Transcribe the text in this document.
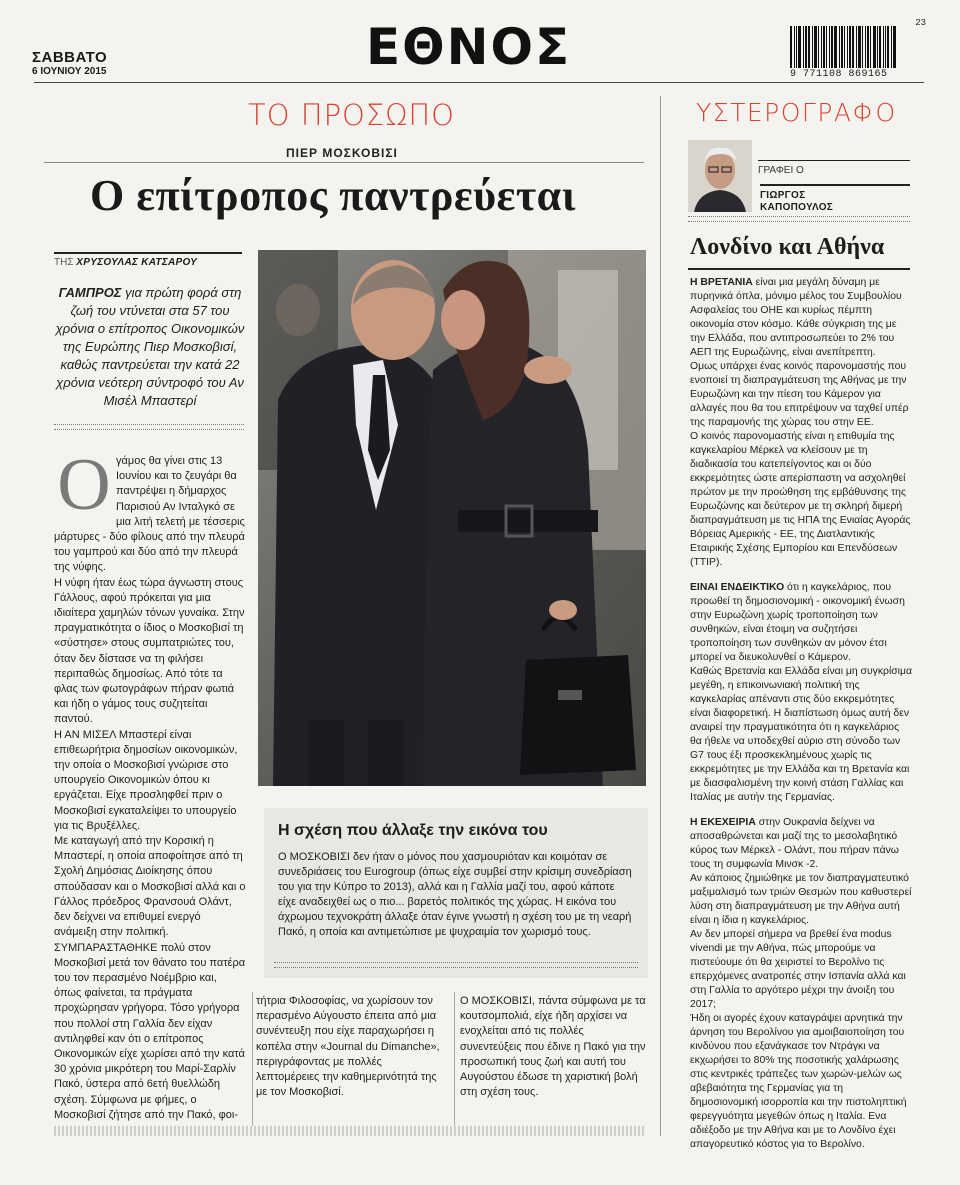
ΣΑΒΒΑΤΟ
6 ΙΟΥΝΙΟΥ 2015	ΕΘΝΟΣ	23
9 771108 869165
ΤΟ ΠΡΟΣΩΠΟ
ΠΙΕΡ ΜΟΣΚΟΒΙΣΙ
Ο επίτροπος παντρεύεται
ΤΗΣ ΧΡΥΣΟΥΛΑΣ ΚΑΤΣΑΡΟΥ
ΓΑΜΠΡΟΣ για πρώτη φορά στη ζωή του ντύνεται στα 57 του χρόνια ο επίτροπος Οικονομικών της Ευρώπης Πιερ Μοσκοβισί, καθώς παντρεύεται την κατά 22 χρόνια νεότερη σύντροφό του Αν Μισέλ Μπαστερί
Ο γάμος θα γίνει στις 13 Ιουνίου και το ζευγάρι θα παντρέψει η δήμαρχος Παρισιού Αν Ινταλγκό σε μια λιτή τελετή με τέσσερις μάρτυρες - δύο φίλους από την πλευρά του γαμπρού και δύο από την πλευρά της νύφης.

Η νύφη ήταν έως τώρα άγνωστη στους Γάλλους, αφού πρόκειται για μια ιδιαίτερα χαμηλών τόνων γυναίκα. Στην πραγματικότητα ο ίδιος ο Μοσκοβισί τη «σύστησε» στους συμπατριώτες του, όταν δεν δίστασε να τη φιλήσει περιπαθώς δημοσίως. Από τότε τα φλας των φωτογράφων πήραν φωτιά και ήδη ο γάμος τους συζητείται παντού.

Η ΑΝ ΜΙΣΕΛ Μπαστερί είναι επιθεωρήτρια δημοσίων οικονομικών, την οποία ο Μοσκοβισί γνώρισε στο υπουργείο Οικονομικών όπου κι εργάζεται. Είχε προσληφθεί πριν ο Μοσκοβισί εγκαταλείψει το υπουργείο για τις Βρυξέλλες.

Με καταγωγή από την Κορσική η Μπαστερί, η οποία αποφοίτησε από τη Σχολή Δημόσιας Διοίκησης όπου σπούδασαν και ο Μοσκοβισί αλλά και ο Γάλλος πρόεδρος Φρανσουά Ολάντ, δεν δείχνει να επιθυμεί ενεργό ανάμειξη στην πολιτική.

ΣΥΜΠΑΡΑΣΤΑΘΗΚΕ πολύ στον Μοσκοβισί μετά τον θάνατο του πατέρα του τον περασμένο Νοέμβριο και, όπως φαίνεται, τα πράγματα προχώρησαν γρήγορα. Τόσο γρήγορα που πολλοί στη Γαλλία δεν είχαν αντιληφθεί καν ότι ο επίτροπος Οικονομικών είχε χωρίσει από την κατά 30 χρόνια μικρότερη του Μαρί-Σαρλίν Πακό, ύστερα από 6ετή θυελλώδη σχέση. Σύμφωνα με φήμες, ο Μοσκοβισί ζήτησε από την Πακό, φοι-

Η σχέση που άλλαξε την εικόνα του
Ο ΜΟΣΚΟΒΙΣΙ δεν ήταν ο μόνος που χασμουριόταν και κοιμόταν σε συνεδριάσεις του Eurogroup (όπως είχε συμβεί στην κρίσιμη συνεδρίαση του για την Κύπρο το 2013), αλλά και η Γαλλία μαζί του, αφού κάποτε είχε αναδειχθεί ως ο πιο... βαρετός πολιτικός της χώρας. Η εικόνα του άχρωμου τεχνοκράτη άλλαξε όταν έγινε γνωστή η σχέση του με τη νεαρή Πακό, η οποία και αντιμετώπισε με ψυχραιμία τον χωρισμό τους.

τήτρια Φιλοσοφίας, να χωρίσουν τον περασμένο Αύγουστο έπειτα από μια συνέντευξη που είχε παραχωρήσει η κοπέλα στην «Journal du Dimanche», περιγράφοντας με πολλές λεπτομέρειες την καθημερινότητά της με τον Μοσκοβισί.

Ο ΜΟΣΚΟΒΙΣΙ, πάντα σύμφωνα με τα κουτσομπολιά, είχε ήδη αρχίσει να ενοχλείται από τις πολλές συνεντεύξεις που έδινε η Πακό για την προσωπική τους ζωή και αυτή του Αυγούστου έδωσε τη χαριστική βολή στη σχέση τους.

ΥΣΤΕΡΟΓΡΑΦΟ
ΓΡΑΦΕΙ Ο
ΓΙΩΡΓΟΣ
ΚΑΠΟΠΟΥΛΟΣ
Λονδίνο και Αθήνα

Η ΒΡΕΤΑΝΙΑ είναι μια μεγάλη δύναμη με πυρηνικά όπλα, μόνιμο μέλος του Συμβουλίου Ασφαλείας του ΟΗΕ και κυρίως πέμπτη οικονομία στον κόσμο. Κάθε σύγκριση της με την Ελλάδα, που αντιπροσωπεύει το 2% του ΑΕΠ της Ευρωζώνης, είναι ανεπίτρεπτη.

Ομως υπάρχει ένας κοινός παρονομαστής που ενοποιεί τη διαπραγμάτευση της Αθήνας με την Ευρωζώνη και την πίεση του Κάμερον για αλλαγές που θα του επιτρέψουν να ταχθεί υπέρ της παραμονής της χώρας του στην ΕΕ.

Ο κοινός παρονομαστής είναι η επιθυμία της καγκελαρίου Μέρκελ να κλείσουν με τη διαδικασία του κατεπείγοντος και οι δύο εκκρεμότητες ώστε απερίσπαστη να ασχοληθεί πρώτον με την προώθηση της εμβάθυνσης της Ευρωζώνης και δεύτερον με τη σκληρή διμερή διαπραγμάτευση με τις ΗΠΑ της Ενιαίας Αγοράς Βόρειας Αμερικής - ΕΕ, της Διατλαντικής Εταιρικής Σχέσης Εμπορίου και Επενδύσεων (ΤΤΙΡ).

ΕΙΝΑΙ ΕΝΔΕΙΚΤΙΚΟ ότι η καγκελάριος, που προωθεί τη δημοσιονομική - οικονομική ένωση στην Ευρωζώνη χωρίς τροποποίηση των συνθηκών, είναι έτοιμη να συζητήσει τροποποίηση των συνθηκών αν μόνον έτσι μπορεί να διευκολυνθεί ο Κάμερον.

Καθώς Βρετανία και Ελλάδα είναι μη συγκρίσιμα μεγέθη, η επικοινωνιακή πολιτική της καγκελαρίας απέναντι στις δύο εκκρεμότητες είναι διαφορετική. Η διαπίστωση όμως αυτή δεν αναιρεί την πραγματικότητα ότι η καγκελάριος θα ήθελε να υποδεχθεί αύριο στη σύνοδο των G7 τους έξι προσκεκλημένους χωρίς τις εκκρεμότητες με την Ελλάδα και τη Βρετανία και με διασφαλισμένη την κοινή στάση Γαλλίας και Ιταλίας με αυτήν της Γερμανίας.

Η ΕΚΕΧΕΙΡΙΑ στην Ουκρανία δείχνει να αποσαθρώνεται και μαζί της το μεσολαβητικό κύρος των Μέρκελ - Ολάντ, που πήραν πάνω τους τη συμφωνία Μινσκ -2.

Αν κάποιος ζημιώθηκε με τον διαπραγματευτικό μαξιμαλισμό των τριών Θεσμών που καθυστερεί λύση στη διαπραγμάτευση με την Αθήνα αυτή είναι η ίδια η καγκελάριος.

Αν δεν μπορεί σήμερα να βρεθεί ένα modus vivendi με την Αθήνα, πώς μπορούμε να πιστεύουμε ότι θα χειριστεί το Βερολίνο τις επερχόμενες ανατροπές στην Ισπανία αλλά και στη Γαλλία το αργότερο μέχρι την άνοιξη του 2017;

Ήδη οι αγορές έχουν καταγράψει αρνητικά την άρνηση του Βερολίνου για αμοιβαιοποίηση του κινδύνου που εξανάγκασε τον Ντράγκι να εκχωρήσει το 80% της ποσοτικής χαλάρωσης στις κεντρικές τράπεζες των χωρών-μελών ως αβεβαιότητα της Γερμανίας για τη δημοσιονομική ισορροπία και την πιστοληπτική φερεγγυότητα μεγεθών όπως η Ιταλία. Ενα αδιέξοδο με την Αθήνα και με το Λονδίνο έχει απαγορευτικό κόστος για το Βερολίνο.
